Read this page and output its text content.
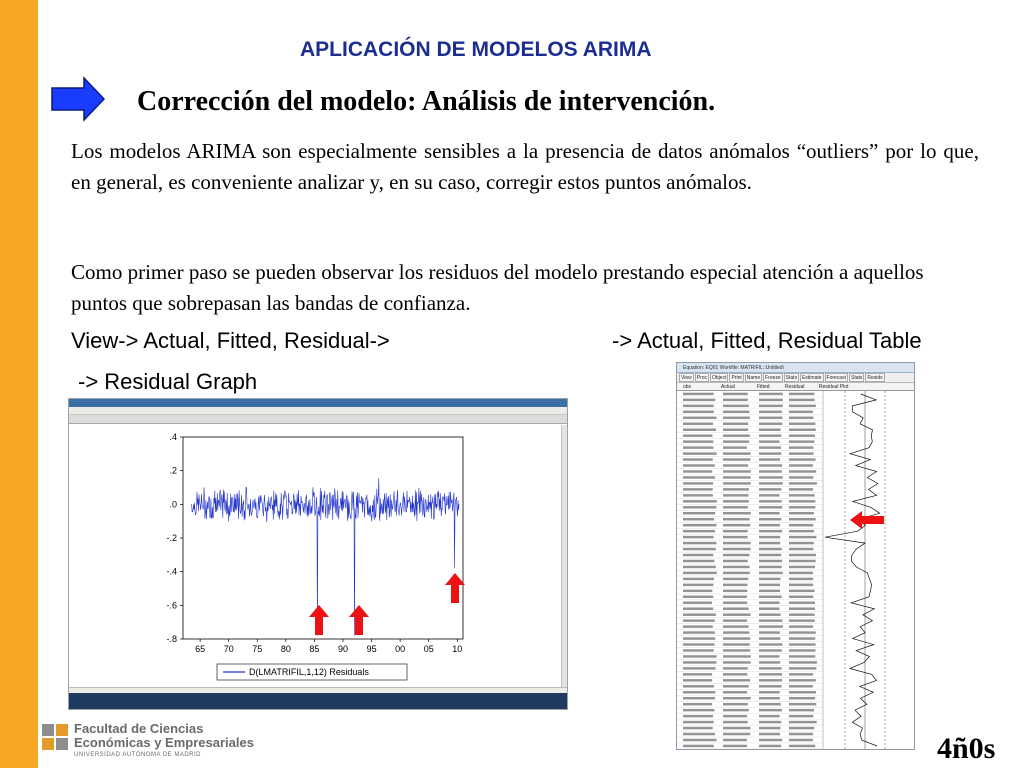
APLICACIÓN DE MODELOS ARIMA
Corrección del modelo: Análisis de intervención.
Los modelos ARIMA son especialmente sensibles a la presencia de datos anómalos “outliers” por lo que, en general, es conveniente analizar y, en su caso, corregir estos puntos anómalos.
Como primer paso se pueden observar los residuos del modelo prestando especial atención a aquellos puntos que sobrepasan las bandas de confianza.
View-> Actual, Fitted, Residual->	-> Actual, Fitted, Residual Table
-> Residual Graph
.4
.2
.0
-.2
-.4
-.6
-.8
65 70 75 80 85 90 95 00 05 10
D(LMATRIFIL,1,12) Residuals
Equation: EQ01 Workfile: MATRIFIL::Untitled\
View	Proc	Object	Print	Name	Freeze	Stats	Estimate	Forecast	Stats	Resids
obs	Actual	Fitted	Residual	Residual Plot
Facultad de Ciencias
Económicas y Empresariales
UNIVERSIDAD AUTÓNOMA DE MADRID	4ñ0s
